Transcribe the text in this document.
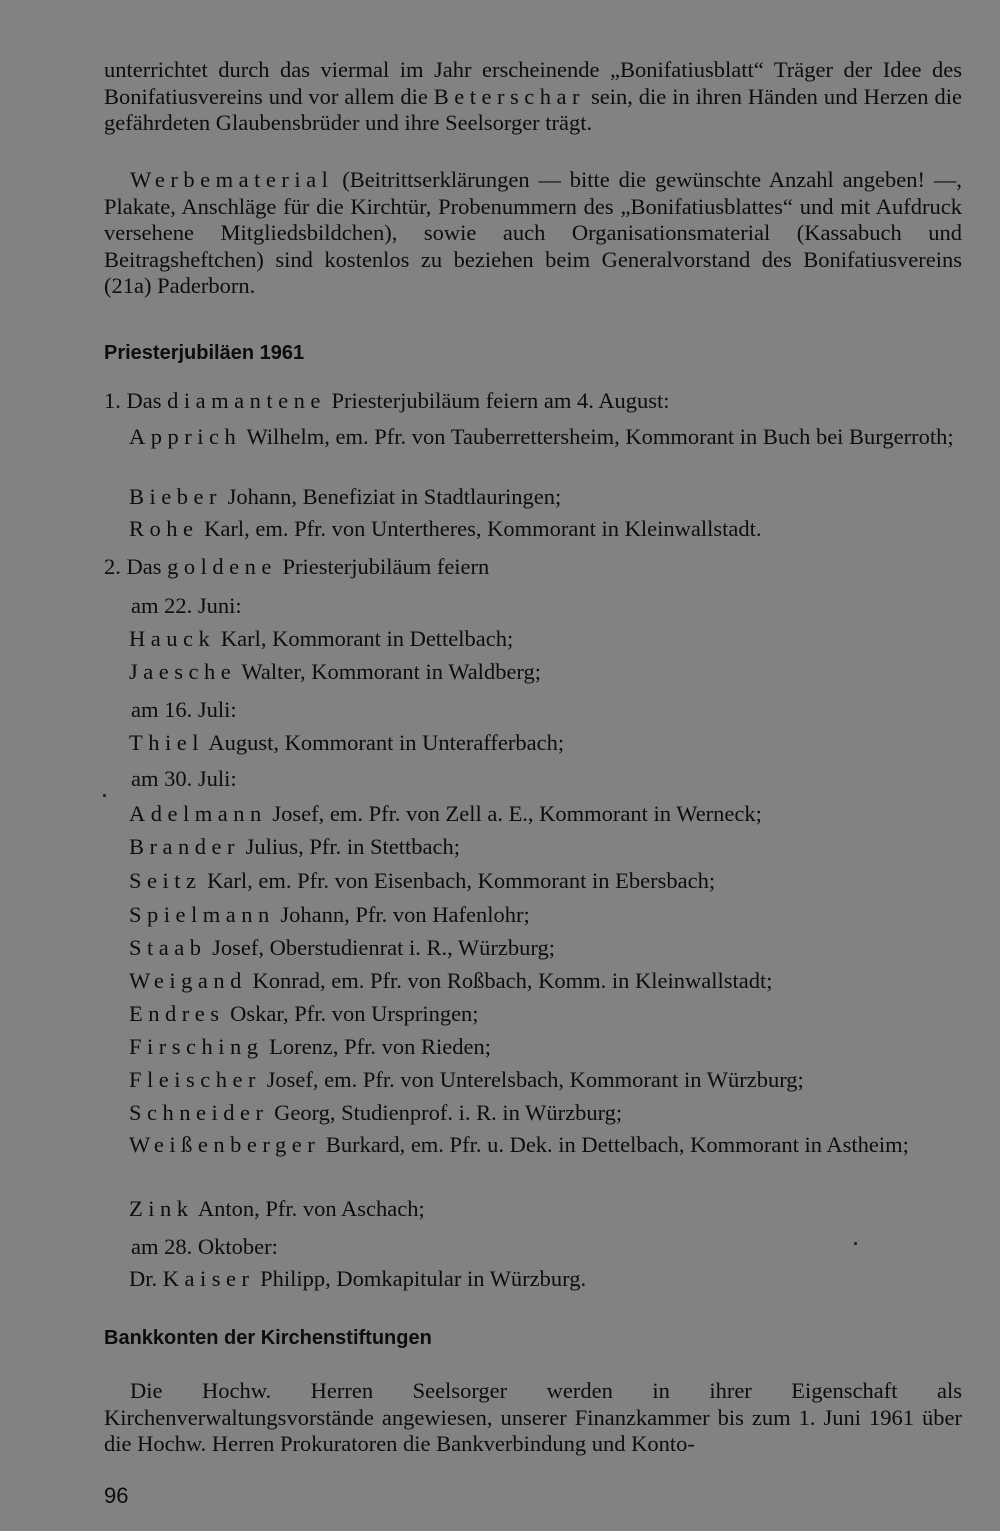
unterrichtet durch das viermal im Jahr erscheinende „Bonifatiusblatt“ Träger der Idee des Bonifatiusvereins und vor allem die Beterschar sein, die in ihren Händen und Herzen die gefährdeten Glaubensbrüder und ihre Seelsorger trägt.

Werbematerial (Beitrittserklärungen — bitte die gewünschte Anzahl angeben! —, Plakate, Anschläge für die Kirchtür, Probenummern des „Bonifatiusblattes“ und mit Aufdruck versehene Mitgliedsbildchen), sowie auch Organisationsmaterial (Kassabuch und Beitragsheftchen) sind kostenlos zu beziehen beim Generalvorstand des Bonifatiusvereins (21a) Paderborn.

Priesterjubiläen 1961
1. Das diamantene Priesterjubiläum feiern am 4. August:

Apprich Wilhelm, em. Pfr. von Tauberrettersheim, Kommorant in Buch bei Burgerroth;

Bieber Johann, Benefiziat in Stadtlauringen;

Rohe Karl, em. Pfr. von Untertheres, Kommorant in Kleinwallstadt.

2. Das goldene Priesterjubiläum feiern
am 22. Juni:

Hauck Karl, Kommorant in Dettelbach;

Jaesche Walter, Kommorant in Waldberg;

am 16. Juli:

Thiel August, Kommorant in Unterafferbach;

am 30. Juli:

Adelmann Josef, em. Pfr. von Zell a. E., Kommorant in Werneck;

Brander Julius, Pfr. in Stettbach;

Seitz Karl, em. Pfr. von Eisenbach, Kommorant in Ebersbach;

Spielmann Johann, Pfr. von Hafenlohr;

Staab Josef, Oberstudienrat i. R., Würzburg;

Weigand Konrad, em. Pfr. von Roßbach, Komm. in Kleinwallstadt;

Endres Oskar, Pfr. von Urspringen;

Firsching Lorenz, Pfr. von Rieden;

Fleischer Josef, em. Pfr. von Unterelsbach, Kommorant in Würzburg;

Schneider Georg, Studienprof. i. R. in Würzburg;

Weißenberger Burkard, em. Pfr. u. Dek. in Dettelbach, Kommorant in Astheim;

Zink Anton, Pfr. von Aschach;

am 28. Oktober:

Dr. Kaiser Philipp, Domkapitular in Würzburg.

Bankkonten der Kirchenstiftungen

Die Hochw. Herren Seelsorger werden in ihrer Eigenschaft als Kirchenverwaltungsvorstände angewiesen, unserer Finanzkammer bis zum 1. Juni 1961 über die Hochw. Herren Prokuratoren die Bankverbindung und Konto-

96
